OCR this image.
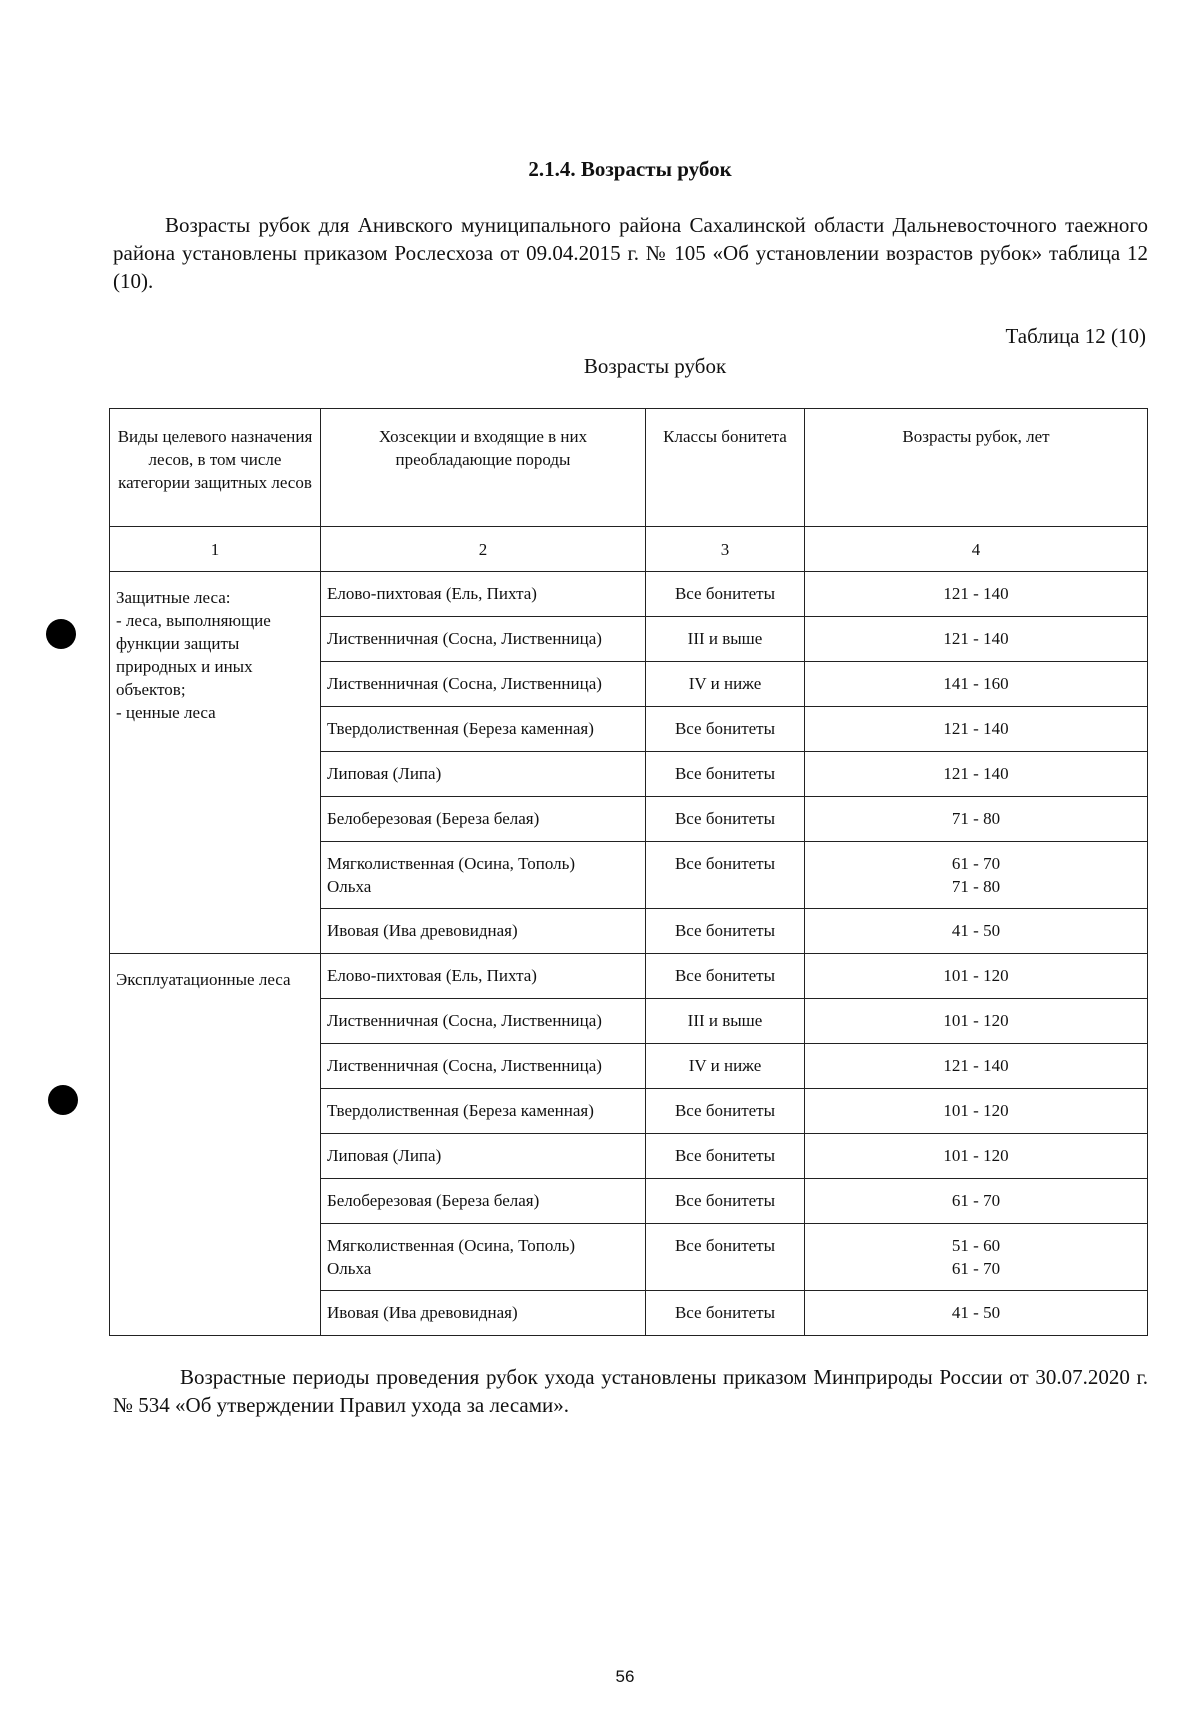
2.1.4. Возрасты рубок

Возрасты рубок для Анивского муниципального района Сахалинской области Дальневосточного таежного района установлены приказом Рослесхоза от 09.04.2015 г. № 105 «Об установлении возрастов рубок» таблица 12 (10).

Таблица 12 (10)
Возрасты рубок
Виды целевого назначения лесов, в том числе категории защитных лесов	Хозсекции и входящие в них преобладающие породы	Классы бонитета	Возрасты рубок, лет
1	2	3	4
Защитные леса:
- леса, выполняющие функции защиты природных и иных объектов;
- ценные леса	Елово-пихтовая (Ель, Пихта)	Все бонитеты	121 - 140

	Лиственничная (Сосна, Лиственница)	III и выше	121 - 140

	Лиственничная (Сосна, Лиственница)	IV и ниже	141 - 160

	Твердолиственная (Береза каменная)	Все бонитеты	121 - 140

	Липовая (Липа)	Все бонитеты	121 - 140

	Белоберезовая (Береза белая)	Все бонитеты	71 - 80

	Мягколиственная (Осина, Тополь)
Ольха	Все бонитеты	61 - 70
71 - 80

	Ивовая (Ива древовидная)	Все бонитеты	41 - 50

Эксплуатационные леса	Елово-пихтовая (Ель, Пихта)	Все бонитеты	101 - 120

	Лиственничная (Сосна, Лиственница)	III и выше	101 - 120

	Лиственничная (Сосна, Лиственница)	IV и ниже	121 - 140

	Твердолиственная (Береза каменная)	Все бонитеты	101 - 120

	Липовая (Липа)	Все бонитеты	101 - 120

	Белоберезовая (Береза белая)	Все бонитеты	61 - 70

	Мягколиственная (Осина, Тополь)
Ольха	Все бонитеты	51 - 60
61 - 70

	Ивовая (Ива древовидная)	Все бонитеты	41 - 50

Возрастные периоды проведения рубок ухода установлены приказом Минприроды России от 30.07.2020 г. № 534 «Об утверждении Правил ухода за лесами».

56
